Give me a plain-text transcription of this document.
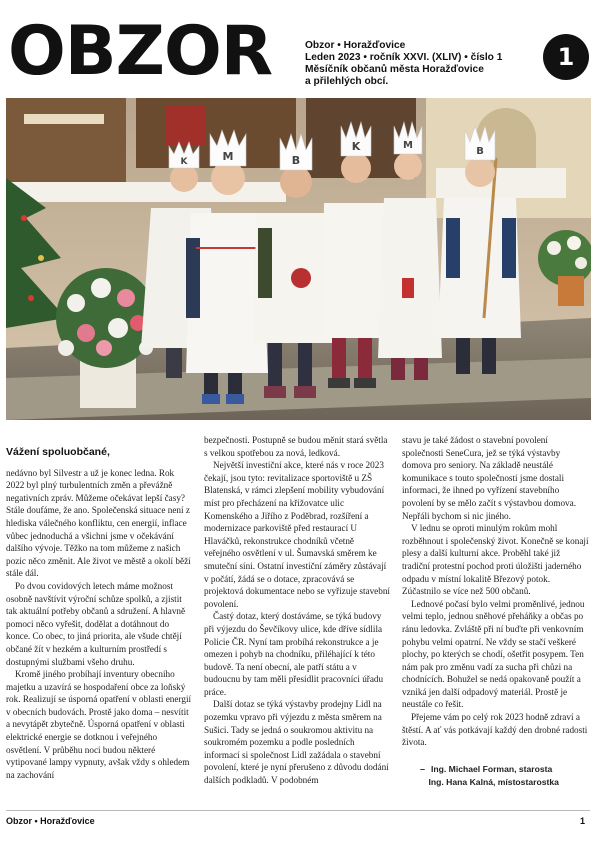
OBZOR	Obzor • Horažďovice
Leden 2023 • ročník XXVI. (XLIV) • číslo 1
Měsíčník občanů města Horažďovice
a přilehlých obcí.
1
K	M	B
K	M
B
Vážení spoluobčané,

nedávno byl Silvestr a už je konec ledna. Rok 2022 byl plný turbulentních změn a převážně negativních zpráv. Můžeme očekávat lepší časy? Stále doufáme, že ano. Společenská situace není z hlediska válečného konfliktu, cen energií, inflace vůbec jednoduchá a všichni jsme v očekávání dalšího vývoje. Těžko na tom můžeme z našich pozic něco změnit. Ale život ve městě a okolí běží stále dál.

Po dvou covidových letech máme možnost osobně navštívit výroční schůze spolků, a zjistit tak aktuální potřeby občanů a sdružení. A hlavně pomoci něco vyřešit, dodělat a dotáhnout do konce. Co obec, to jiná priorita, ale všude chtějí občané žít v hezkém a kulturním prostředí s dostupnými službami všeho druhu.

Kromě jiného probíhají inventury obecního majetku a uzavírá se hospodaření obce za loňský rok. Realizují se úsporná opatření v oblasti energií v obecních budovách. Prostě jako doma – nesvítit a nevytápět zbytečně. Úsporná opatření v oblasti elektrické energie se dotknou i veřejného osvětlení. V průběhu noci budou některé vytipované lampy vypnuty, avšak vždy s ohledem na zachování

bezpečnosti. Postupně se budou měnit stará světla s velkou spotřebou za nová, ledková.

Největší investiční akce, které nás v roce 2023 čekají, jsou tyto: revitalizace sportoviště u ZŠ Blatenská, v rámci zlepšení mobility vybudování míst pro přecházení na křižovatce ulic Komenského a Jiřího z Poděbrad, rozšíření a modernizace parkoviště před restaurací U Hlaváčků, rekonstrukce chodníků včetně veřejného osvětlení v ul. Šumavská směrem ke smuteční síni. Ostatní investiční záměry zůstávají v počátí, žádá se o dotace, zpracovává se projektová dokumentace nebo se vyřizuje stavební povolení.

Častý dotaz, který dostáváme, se týká budovy při výjezdu do Ševčíkovy ulice, kde dříve sídlila Policie ČR. Nyní tam probíhá rekonstrukce a je omezen i pohyb na chodníku, přiléhající k této budově. Ta není obecní, ale patří státu a v budoucnu by tam měli přesídlit pracovníci úřadu práce.

Další dotaz se týká výstavby prodejny Lidl na pozemku vpravo při výjezdu z města směrem na Sušici. Tady se jedná o soukromou aktivitu na soukromém pozemku a podle posledních informací si společnost Lidl zažádala o stavební povolení, které je nyní přerušeno z důvodu dodání dalších podkladů. V podobném

stavu je také žádost o stavební povolení společnosti SeneCura, jež se týká výstavby domova pro seniory. Na základě neustálé komunikace s touto společností jsme dostali informaci, že ihned po vyřízení stavebního povolení by se mělo začít s výstavbou domova. Nepřáli bychom si nic jiného.

V lednu se oproti minulým rokům mohl rozběhnout i společenský život. Konečně se konají plesy a další kulturní akce. Proběhl také již tradiční protestní pochod proti úložišti jaderného odpadu v místní lokalitě Březový potok. Zúčastnilo se více než 500 občanů.

Lednové počasí bylo velmi proměnlivé, jednou velmi teplo, jednou sněhové přeháňky a občas po ránu ledovka. Zvláště při ní buďte při venkovním pohybu velmi opatrní. Ne vždy se stačí veškeré plochy, po kterých se chodí, ošetřit posypem. Ten nám pak pro změnu vadí za sucha při chůzi na chodnících. Bohužel se nedá opakovaně použít a vzniká jen další odpadový materiál. Prostě je neustále co řešit.

Přejeme vám po celý rok 2023 hodně zdraví a štěstí. A ať vás potkávají každý den drobné radosti života.

– Ing. Michael Forman, starosta

Ing. Hana Kalná, místostarostka
Obzor • Horažďovice	1
